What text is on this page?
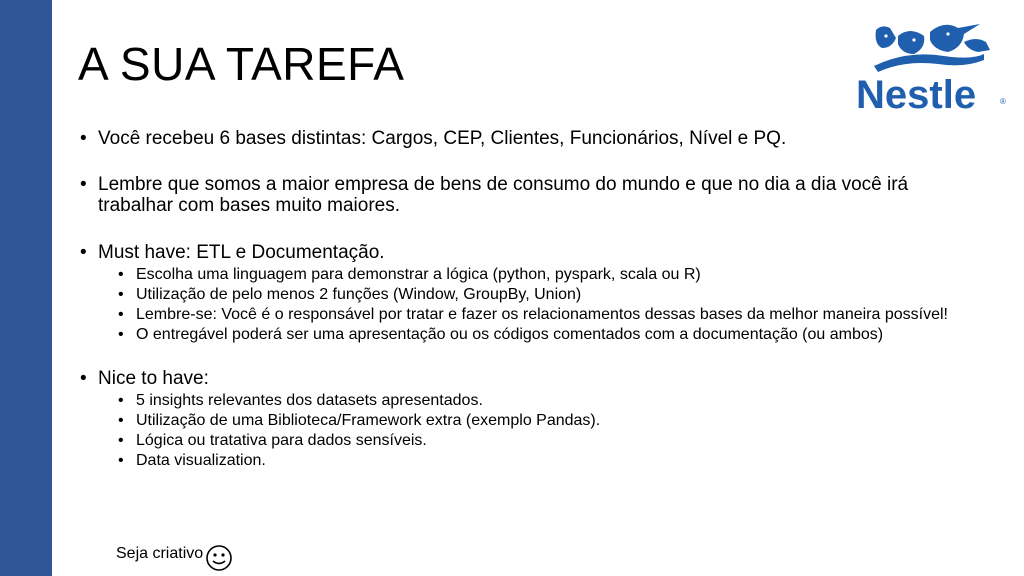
A SUA TAREFA
Nestle	®
• Você recebeu 6 bases distintas: Cargos, CEP, Clientes, Funcionários, Nível e PQ.
• Lembre que somos a maior empresa de bens de consumo do mundo e que no dia a dia você irá trabalhar com bases muito maiores.
• Must have: ETL e Documentação.
• Escolha uma linguagem para demonstrar a lógica (python, pyspark, scala ou R)
• Utilização de pelo menos 2 funções (Window, GroupBy, Union)
• Lembre-se: Você é o responsável por tratar e fazer os relacionamentos dessas bases da melhor maneira possível!
• O entregável poderá ser uma apresentação ou os códigos comentados com a documentação (ou ambos)
• Nice to have:
• 5 insights relevantes dos datasets apresentados.
• Utilização de uma Biblioteca/Framework extra (exemplo Pandas).
• Lógica ou tratativa para dados sensíveis.
• Data visualization.
Seja criativo
